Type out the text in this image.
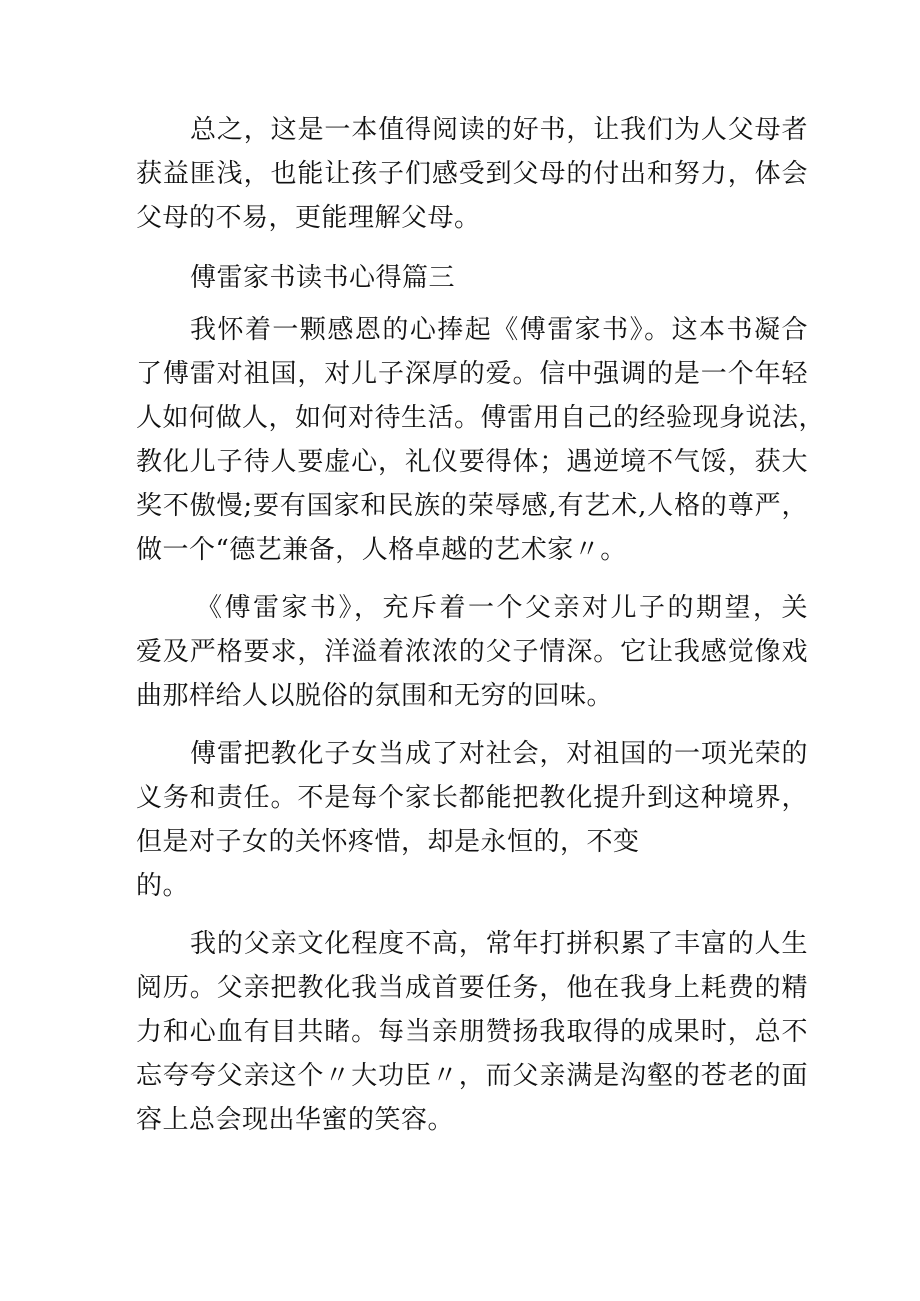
总之，这是一本值得阅读的好书，让我们为人父母者
获益匪浅，也能让孩子们感受到父母的付出和努力，体会
父母的不易，更能理解父母。
傅雷家书读书心得篇三
我怀着一颗感恩的心捧起《傅雷家书》。这本书凝合
了傅雷对祖国，对儿子深厚的爱。信中强调的是一个年轻
人如何做人，如何对待生活。傅雷用自己的经验现身说法，
教化儿子待人要虚心，礼仪要得体；遇逆境不气馁，获大
奖不傲慢;要有国家和民族的荣辱感,有艺术,人格的尊严，
做一个“德艺兼备，人格卓越的艺术家〃。
《傅雷家书》，充斥着一个父亲对儿子的期望，关
爱及严格要求，洋溢着浓浓的父子情深。它让我感觉像戏
曲那样给人以脱俗的氛围和无穷的回味。
傅雷把教化子女当成了对社会，对祖国的一项光荣的
义务和责任。不是每个家长都能把教化提升到这种境界，
但是对子女的关怀疼惜，却是永恒的，不变
的。
我的父亲文化程度不高，常年打拼积累了丰富的人生
阅历。父亲把教化我当成首要任务，他在我身上耗费的精
力和心血有目共睹。每当亲朋赞扬我取得的成果时，总不
忘夸夸父亲这个〃大功臣〃，而父亲满是沟壑的苍老的面
容上总会现出华蜜的笑容。
